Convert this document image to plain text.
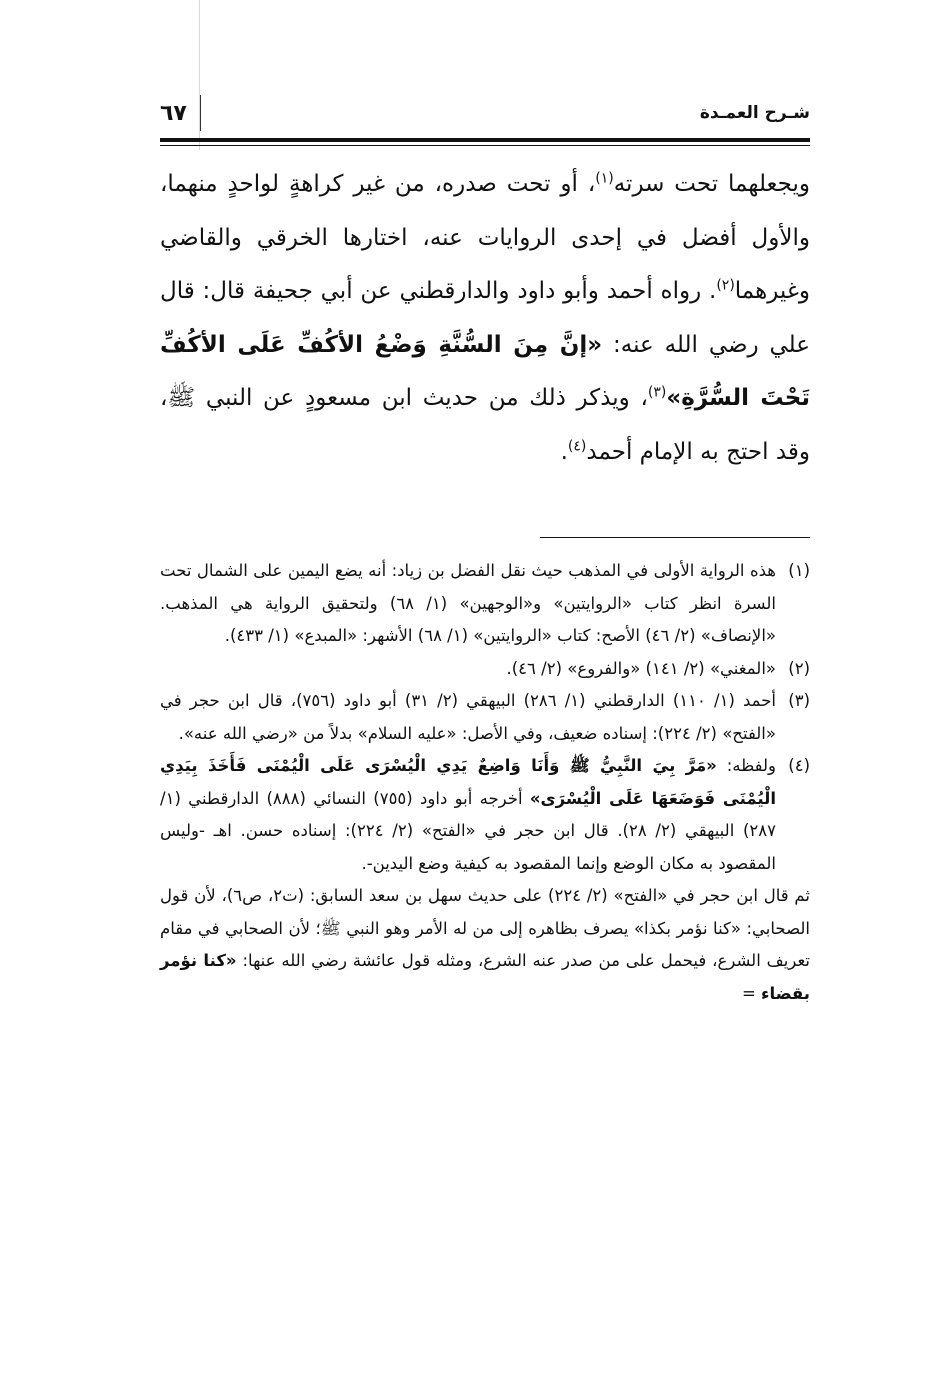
٦٧	شـرح العمـدة

ويجعلهما تحت سرته$^{(١)}$، أو تحت صدره، من غير كراهةٍ لواحدٍ منهما، والأول أفضل في إحدى الروايات عنه، اختارها الخرقي والقاضي وغيرهما$^{(٢)}$. رواه أحمد وأبو داود والدارقطني عن أبي جحيفة قال: قال علي رضي الله عنه: «إنَّ مِنَ السُّنَّةِ وَضْعُ الأكُفِّ عَلَى الأكُفِّ تَحْتَ السُّرَّةِ»$^{(٣)}$، ويذكر ذلك من حديث ابن مسعودٍ عن النبي ﷺ، وقد احتج به الإمام أحمد$^{(٤)}$.

(١)هذه الرواية الأولى في المذهب حيث نقل الفضل بن زياد: أنه يضع اليمين على الشمال تحت السرة انظر كتاب «الروايتين» و«الوجهين» (١/ ٦٨) ولتحقيق الرواية هي المذهب. «الإنصاف» (٢/ ٤٦) الأصح: كتاب «الروايتين» (١/ ٦٨) الأشهر: «المبدع» (١/ ٤٣٣).

(٢)«المغني» (٢/ ١٤١) «والفروع» (٢/ ٤٦).

(٣)أحمد (١/ ١١٠) الدارقطني (١/ ٢٨٦) البيهقي (٢/ ٣١) أبو داود (٧٥٦)، قال ابن حجر في «الفتح» (٢/ ٢٢٤): إسناده ضعيف، وفي الأصل: «عليه السلام» بدلاً من «رضي الله عنه».

(٤)ولفظه: «مَرَّ بِيَ النَّبِيُّ ﷺ وَأَنَا وَاضِعٌ يَدِي الْيُسْرَى عَلَى الْيُمْنَى فَأَخَذَ بِيَدِي الْيُمْنَى فَوَضَعَهَا عَلَى الْيُسْرَى» أخرجه أبو داود (٧٥٥) النسائي (٨٨٨) الدارقطني (١/ ٢٨٧) البيهقي (٢/ ٢٨). قال ابن حجر في «الفتح» (٢/ ٢٢٤): إسناده حسن. اهـ -وليس المقصود به مكان الوضع وإنما المقصود به كيفية وضع اليدين-.

ثم قال ابن حجر في «الفتح» (٢/ ٢٢٤) على حديث سهل بن سعد السابق: (ت٢، ص٦)، لأن قول الصحابي: «كنا نؤمر بكذا» يصرف بظاهره إلى من له الأمر وهو النبي ﷺ؛ لأن الصحابي في مقام تعريف الشرع، فيحمل على من صدر عنه الشرع، ومثله قول عائشة رضي الله عنها: «كنا نؤمر بقضاء =
